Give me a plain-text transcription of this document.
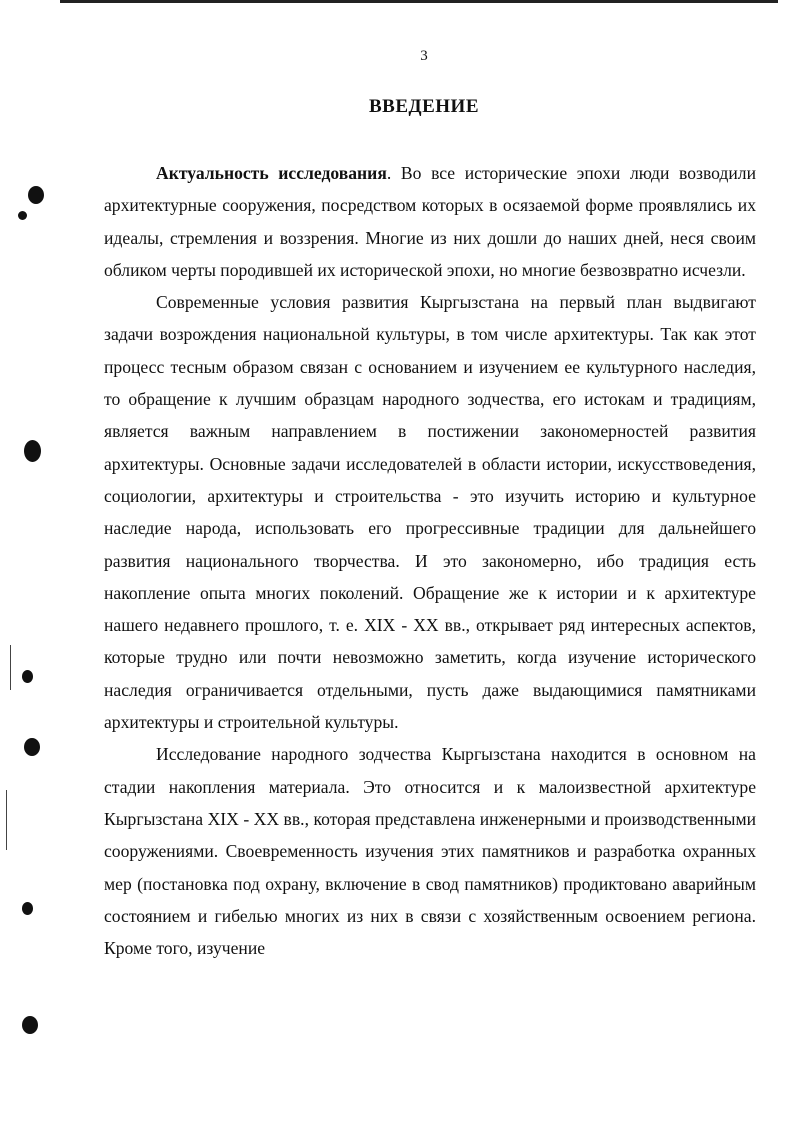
3
ВВЕДЕНИЕ

Актуальность исследования. Во все исторические эпохи люди возводили архитектурные сооружения, посредством которых в осязаемой форме проявлялись их идеалы, стремления и воззрения. Многие из них дошли до наших дней, неся своим обликом черты породившей их исторической эпохи, но многие безвозвратно исчезли.

Современные условия развития Кыргызстана на первый план выдвигают задачи возрождения национальной культуры, в том числе архитектуры. Так как этот процесс тесным образом связан с основанием и изучением ее культурного наследия, то обращение к лучшим образцам народного зодчества, его истокам и традициям, является важным направлением в постижении закономерностей развития архитектуры. Основные задачи исследователей в области истории, искусствоведения, социологии, архитектуры и строительства - это изучить историю и культурное наследие народа, использовать его прогрессивные традиции для дальнейшего развития национального творчества. И это закономерно, ибо традиция есть накопление опыта многих поколений. Обращение же к истории и к архитектуре нашего недавнего прошлого, т. е. XIX - XX вв., открывает ряд интересных аспектов, которые трудно или почти невозможно заметить, когда изучение исторического наследия ограничивается отдельными, пусть даже выдающимися памятниками архитектуры и строительной культуры.

Исследование народного зодчества Кыргызстана находится в основном на стадии накопления материала. Это относится и к малоизвестной архитектуре Кыргызстана XIX - XX вв., которая представлена инженерными и производственными сооружениями. Своевременность изучения этих памятников и разработка охранных мер (постановка под охрану, включение в свод памятников) продиктовано аварийным состоянием и гибелью многих из них в связи с хозяйственным освоением региона. Кроме того, изучение
